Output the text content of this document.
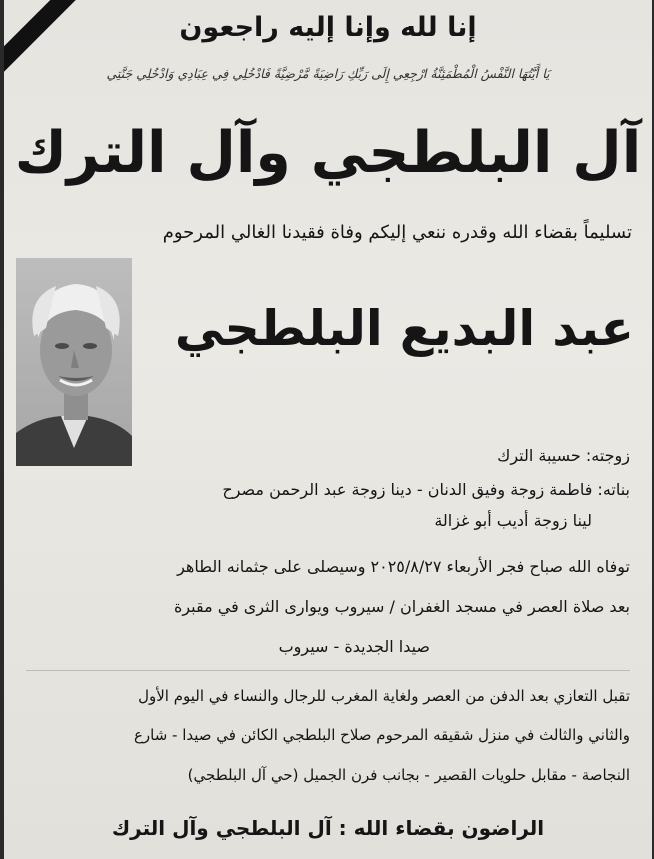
إنا لله وإنا إليه راجعون
يَا أَيَّتُهَا النَّفْسُ الْمُطْمَئِنَّةُ ارْجِعِي إِلَى رَبِّكِ رَاضِيَةً مَّرْضِيَّةً فَادْخُلِي فِي عِبَادِي وَادْخُلِي جَنَّتِي
آل البلطجي وآل الترك
تسليماً بقضاء الله وقدره ننعي إليكم وفاة فقيدنا الغالي المرحوم
عبد البديع البلطجي
زوجته: حسيبة الترك
بناته: فاطمة زوجة وفيق الدنان - دينا زوجة عبد الرحمن مصرح
لينا زوجة أديب أبو غزالة
توفاه الله صباح فجر الأربعاء ٢٠٢٥/٨/٢٧ وسيصلى على جثمانه الطاهر
بعد صلاة العصر في مسجد الغفران / سيروب ويوارى الثرى في مقبرة
صيدا الجديدة - سيروب
تقبل التعازي بعد الدفن من العصر ولغاية المغرب للرجال والنساء في اليوم الأول
والثاني والثالث في منزل شقيقه المرحوم صلاح البلطجي الكائن في صيدا - شارع
النجاصة - مقابل حلويات القصير - بجانب فرن الجميل (حي آل البلطجي)
الراضون بقضاء الله : آل البلطجي وآل الترك
